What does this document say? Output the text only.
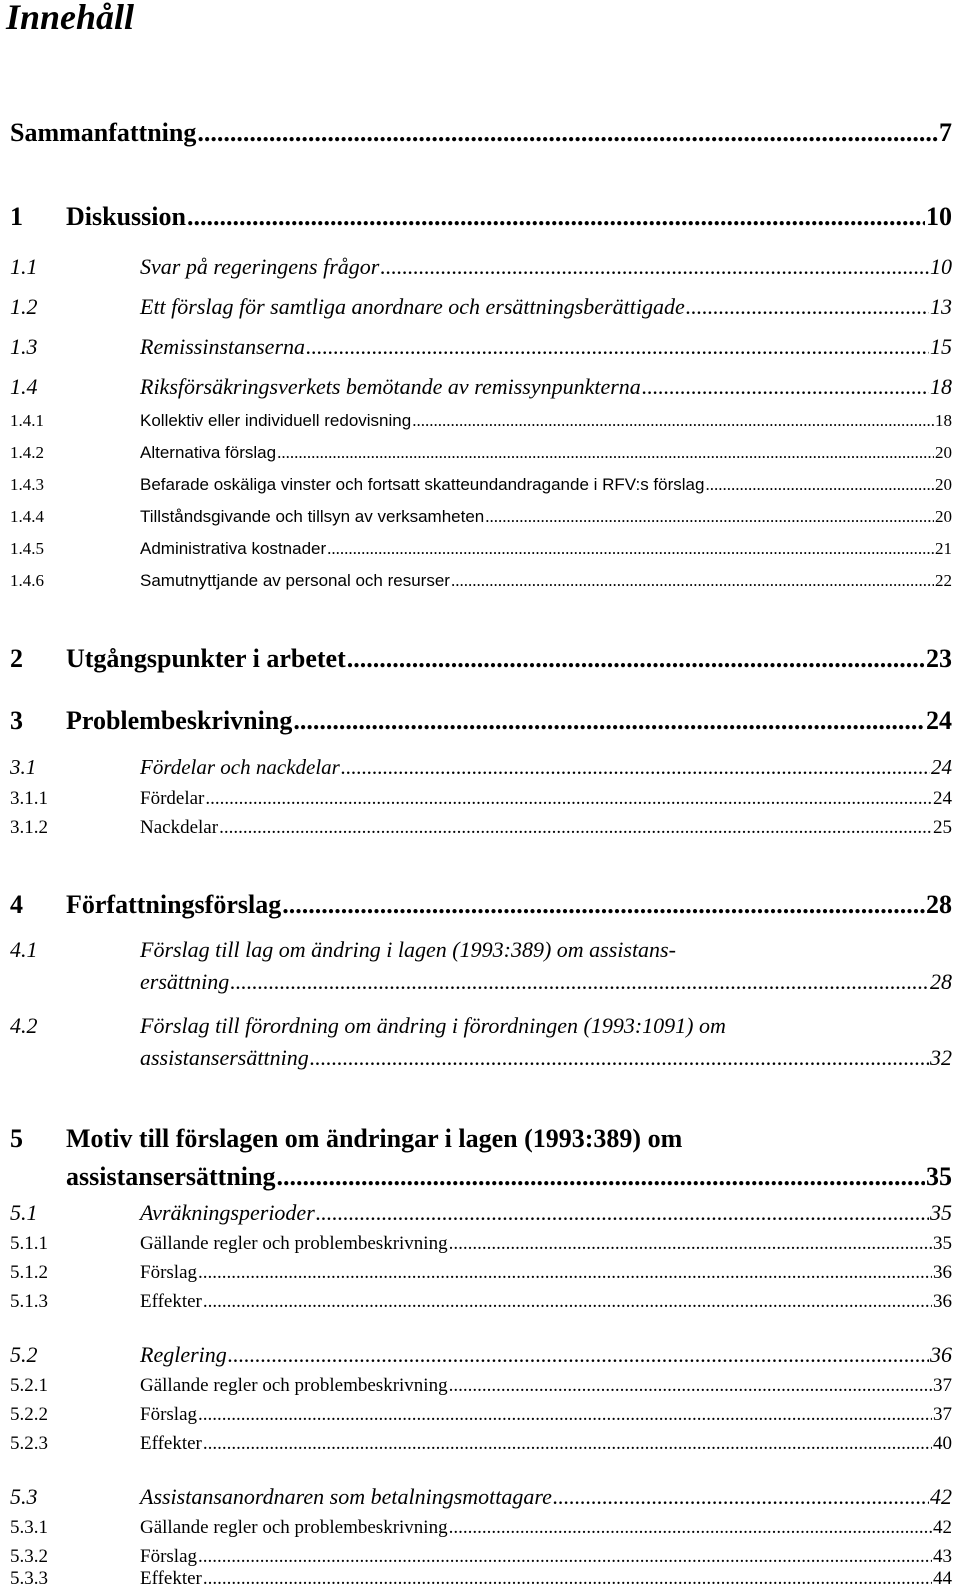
Innehåll
Sammanfattning .....	7
1	Diskussion .....	10
1.1	Svar på regeringens frågor .....	10
1.2	Ett förslag för samtliga anordnare och ersättningsberättigade .....	13
1.3	Remissinstanserna .....	15
1.4	Riksförsäkringsverkets bemötande av remissynpunkterna .....	18
1.4.1	Kollektiv eller individuell redovisning .....	18
1.4.2	Alternativa förslag .....	20
1.4.3	Befarade oskäliga vinster och fortsatt skatteundandragande i RFV:s förslag .....	20
1.4.4	Tillståndsgivande och tillsyn av verksamheten .....	20
1.4.5	Administrativa kostnader .....	21
1.4.6	Samutnyttjande av personal och resurser .....	22
2	Utgångspunkter i arbetet .....	23
3	Problembeskrivning .....	24
3.1	Fördelar och nackdelar .....	24
3.1.1	Fördelar .....	24
3.1.2	Nackdelar .....	25
4	Författningsförslag .....	28
4.1	Förslag till lag om ändring i lagen (1993:389) om assistans-
ersättning .....	28
4.2	Förslag till förordning om ändring i förordningen (1993:1091) om
assistansersättning .....	32
5	Motiv till förslagen om ändringar i lagen (1993:389) om
assistansersättning .....	35
5.1	Avräkningsperioder .....	35
5.1.1	Gällande regler och problembeskrivning .....	35
5.1.2	Förslag .....	36
5.1.3	Effekter .....	36
5.2	Reglering .....	36
5.2.1	Gällande regler och problembeskrivning .....	37
5.2.2	Förslag .....	37
5.2.3	Effekter .....	40
5.3	Assistansanordnaren som betalningsmottagare .....	42
5.3.1	Gällande regler och problembeskrivning .....	42
5.3.2	Förslag .....	43
5.3.3	Effekter .....	44
